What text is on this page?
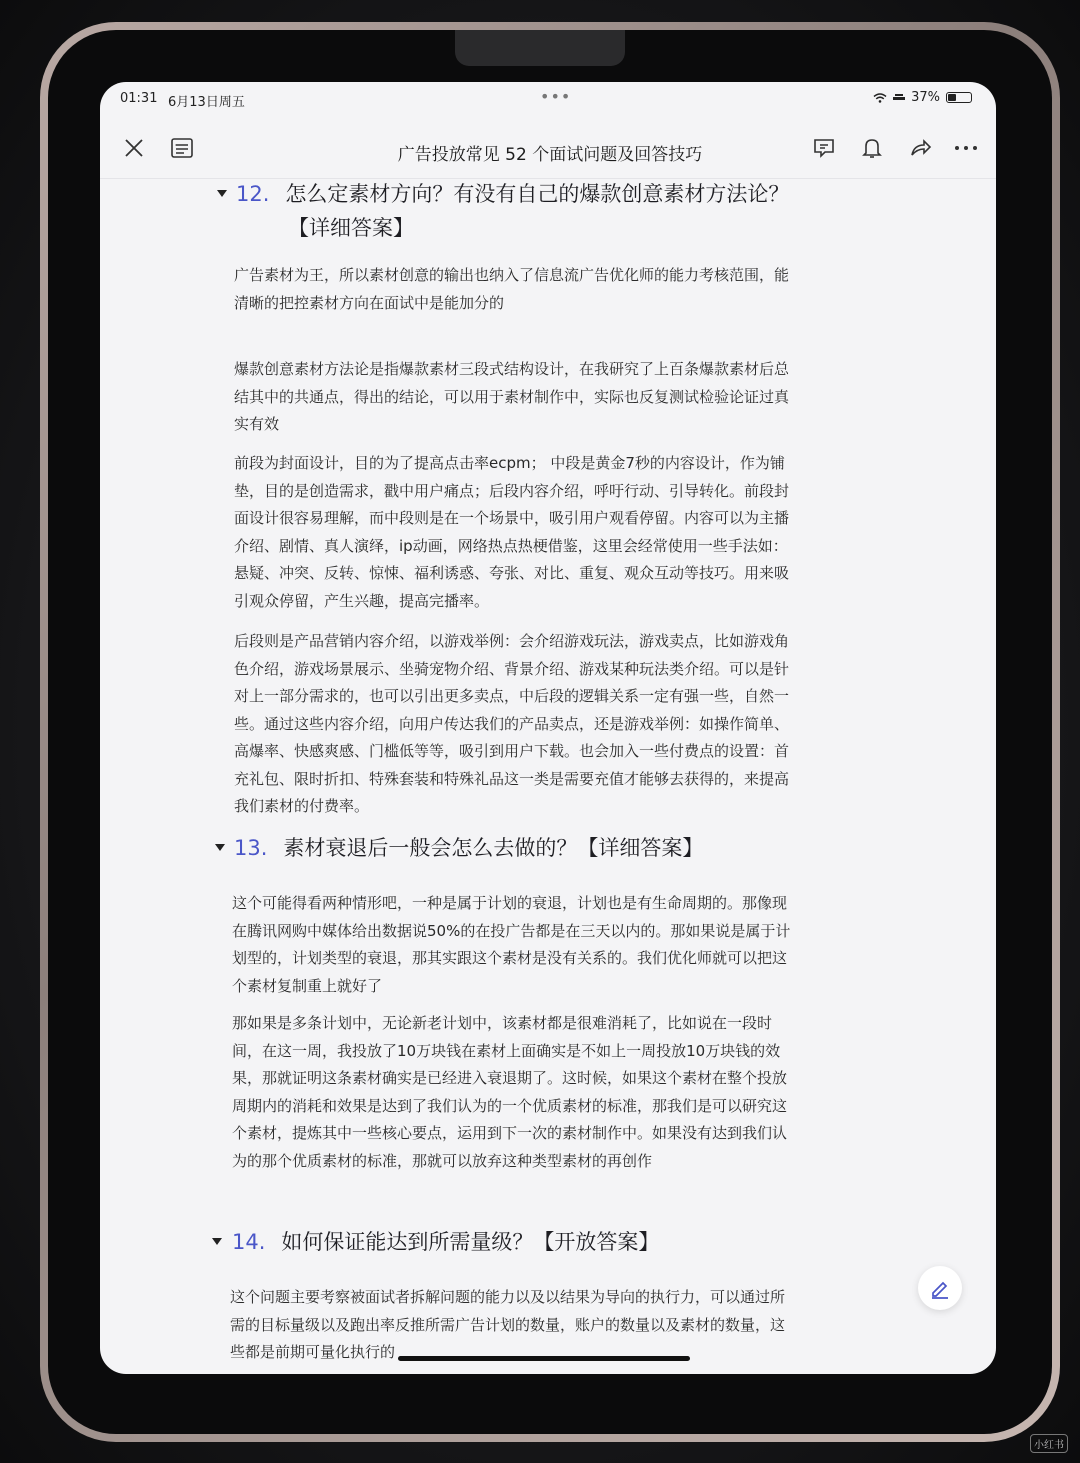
01:31 6月13日周五	•••	37%
广告投放常见 52 个面试问题及回答技巧
12. 怎么定素材方向？有没有自己的爆款创意素材方法论？
【详细答案】
广告素材为王，所以素材创意的输出也纳入了信息流广告优化师的能力考核范围，能
清晰的把控素材方向在面试中是能加分的
爆款创意素材方法论是指爆款素材三段式结构设计，在我研究了上百条爆款素材后总
结其中的共通点，得出的结论，可以用于素材制作中，实际也反复测试检验论证过真
实有效
前段为封面设计，目的为了提高点击率ecpm； 中段是黄金7秒的内容设计，作为铺
垫，目的是创造需求，戳中用户痛点；后段内容介绍，呼吁行动、引导转化。前段封
面设计很容易理解，而中段则是在一个场景中，吸引用户观看停留。内容可以为主播
介绍、剧情、真人演绎，ip动画，网络热点热梗借鉴，这里会经常使用一些手法如：
悬疑、冲突、反转、惊悚、福利诱惑、夸张、对比、重复、观众互动等技巧。用来吸
引观众停留，产生兴趣，提高完播率。
后段则是产品营销内容介绍，以游戏举例：会介绍游戏玩法，游戏卖点，比如游戏角
色介绍，游戏场景展示、坐骑宠物介绍、背景介绍、游戏某种玩法类介绍。可以是针
对上一部分需求的，也可以引出更多卖点，中后段的逻辑关系一定有强一些，自然一
些。通过这些内容介绍，向用户传达我们的产品卖点，还是游戏举例：如操作简单、
高爆率、快感爽感、门槛低等等，吸引到用户下载。也会加入一些付费点的设置：首
充礼包、限时折扣、特殊套装和特殊礼品这一类是需要充值才能够去获得的，来提高
我们素材的付费率。
13. 素材衰退后一般会怎么去做的？【详细答案】
这个可能得看两种情形吧，一种是属于计划的衰退，计划也是有生命周期的。那像现
在腾讯网购中媒体给出数据说50%的在投广告都是在三天以内的。那如果说是属于计
划型的，计划类型的衰退，那其实跟这个素材是没有关系的。我们优化师就可以把这
个素材复制重上就好了
那如果是多条计划中，无论新老计划中，该素材都是很难消耗了，比如说在一段时
间，在这一周，我投放了10万块钱在素材上面确实是不如上一周投放10万块钱的效
果，那就证明这条素材确实是已经进入衰退期了。这时候，如果这个素材在整个投放
周期内的消耗和效果是达到了我们认为的一个优质素材的标准，那我们是可以研究这
个素材，提炼其中一些核心要点，运用到下一次的素材制作中。如果没有达到我们认
为的那个优质素材的标准，那就可以放弃这种类型素材的再创作
14. 如何保证能达到所需量级？【开放答案】
这个问题主要考察被面试者拆解问题的能力以及以结果为导向的执行力，可以通过所
需的目标量级以及跑出率反推所需广告计划的数量，账户的数量以及素材的数量，这
些都是前期可量化执行的
小红书
